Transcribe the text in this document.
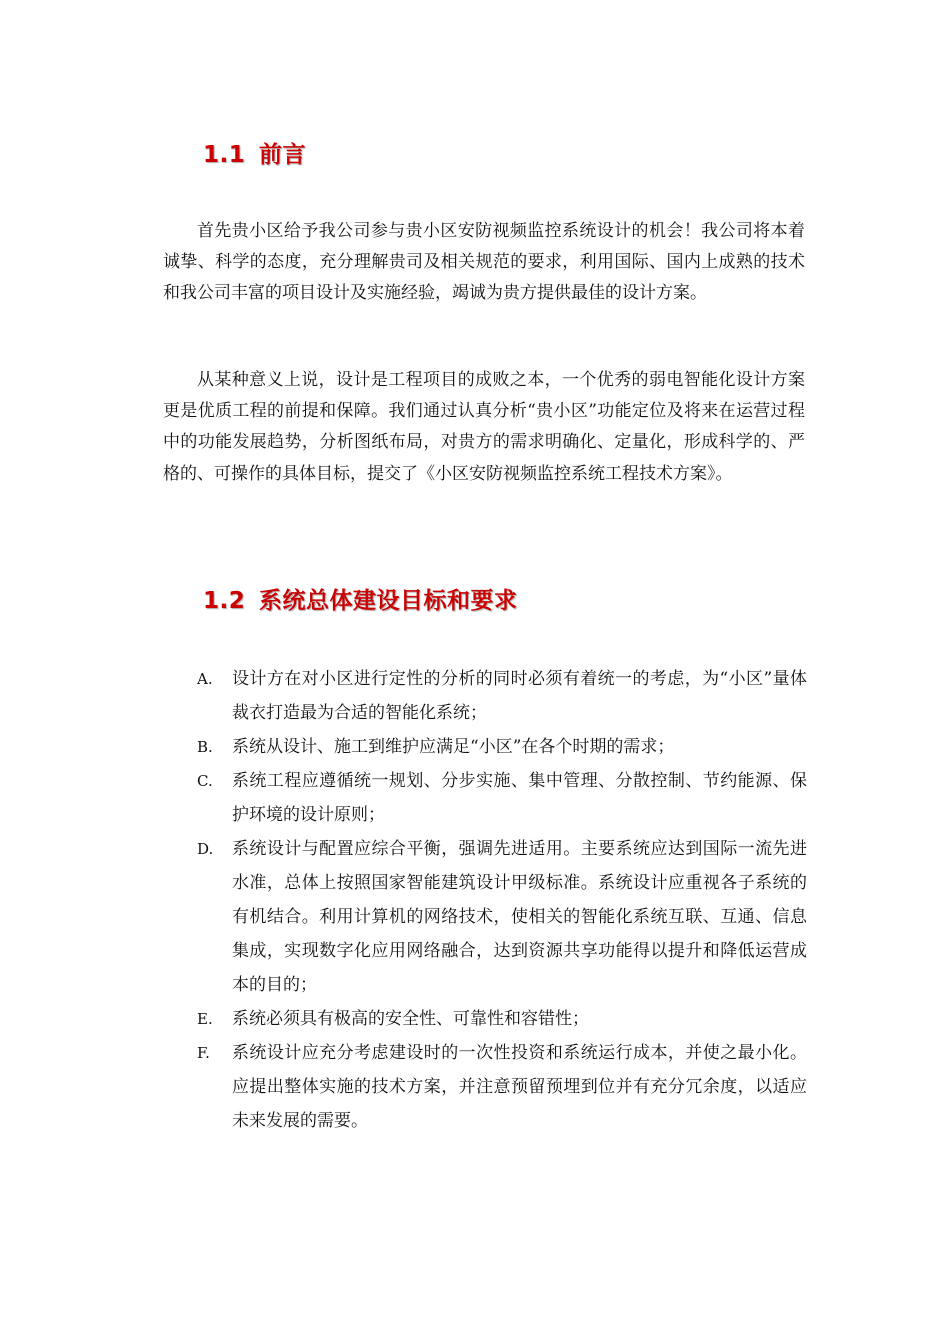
1.1 前言

首先贵小区给予我公司参与贵小区安防视频监控系统设计的机会！我公司将本着诚挚、科学的态度，充分理解贵司及相关规范的要求，利用国际、国内上成熟的技术和我公司丰富的项目设计及实施经验，竭诚为贵方提供最佳的设计方案。

从某种意义上说，设计是工程项目的成败之本，一个优秀的弱电智能化设计方案更是优质工程的前提和保障。我们通过认真分析“贵小区”功能定位及将来在运营过程中的功能发展趋势，分析图纸布局，对贵方的需求明确化、定量化，形成科学的、严格的、可操作的具体目标，提交了《小区安防视频监控系统工程技术方案》。

1.2 系统总体建设目标和要求
A. 设计方在对小区进行定性的分析的同时必须有着统一的考虑，为“小区”量体裁衣打造最为合适的智能化系统；
B. 系统从设计、施工到维护应满足“小区”在各个时期的需求；
C. 系统工程应遵循统一规划、分步实施、集中管理、分散控制、节约能源、保护环境的设计原则；
D. 系统设计与配置应综合平衡，强调先进适用。主要系统应达到国际一流先进水准，总体上按照国家智能建筑设计甲级标准。系统设计应重视各子系统的有机结合。利用计算机的网络技术，使相关的智能化系统互联、互通、信息集成，实现数字化应用网络融合，达到资源共享功能得以提升和降低运营成本的目的；
E. 系统必须具有极高的安全性、可靠性和容错性；
F. 系统设计应充分考虑建设时的一次性投资和系统运行成本，并使之最小化。应提出整体实施的技术方案，并注意预留预埋到位并有充分冗余度，以适应未来发展的需要。
